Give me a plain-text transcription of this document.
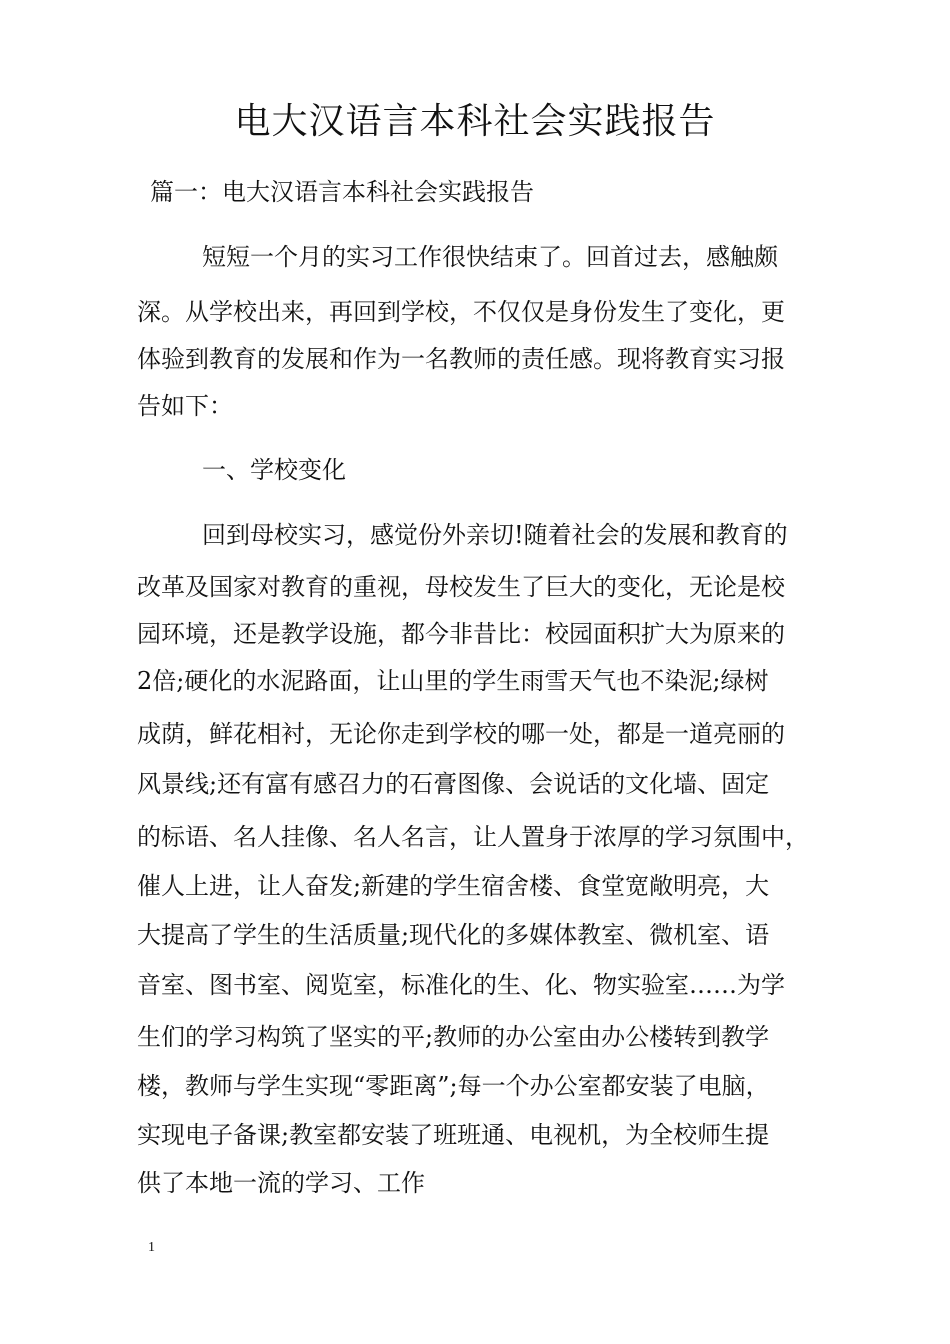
电大汉语言本科社会实践报告

篇一：电大汉语言本科社会实践报告

短短一个月的实习工作很快结束了。回首过去，感触颇

深。从学校出来，再回到学校，不仅仅是身份发生了变化，更

体验到教育的发展和作为一名教师的责任感。现将教育实习报

告如下：

一、学校变化

回到母校实习，感觉份外亲切!随着社会的发展和教育的

改革及国家对教育的重视，母校发生了巨大的变化，无论是校

园环境，还是教学设施，都今非昔比：校园面积扩大为原来的

2倍;硬化的水泥路面，让山里的学生雨雪天气也不染泥;绿树

成荫，鲜花相衬，无论你走到学校的哪一处，都是一道亮丽的

风景线;还有富有感召力的石膏图像、会说话的文化墙、固定

的标语、名人挂像、名人名言，让人置身于浓厚的学习氛围中，

催人上进，让人奋发;新建的学生宿舍楼、食堂宽敞明亮，大

大提高了学生的生活质量;现代化的多媒体教室、微机室、语

音室、图书室、阅览室，标准化的生、化、物实验室……为学

生们的学习构筑了坚实的平;教师的办公室由办公楼转到教学

楼，教师与学生实现“零距离”;每一个办公室都安装了电脑，

实现电子备课;教室都安装了班班通、电视机，为全校师生提

供了本地一流的学习、工作

1
